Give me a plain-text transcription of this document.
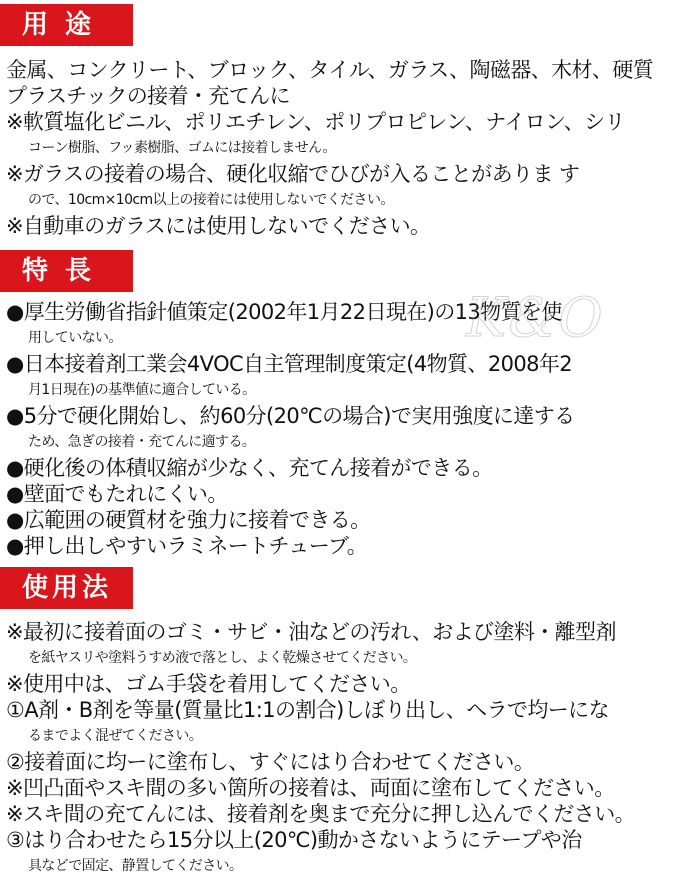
用 途
金属、コンクリート、ブロック、タイル、ガラス、陶磁器、木材、硬質
プラスチックの接着・充てんに
※軟質塩化ビニル、ポリエチレン、ポリプロピレン、ナイロン、シリ
コーン樹脂、フッ素樹脂、ゴムには接着しません。
※ガラスの接着の場合、硬化収縮でひびが入ることがありま す
ので、10cm×10cm以上の接着には使用しないでください。
※自動車のガラスには使用しないでください。
特 長
●厚生労働省指針値策定(2002年1月22日現在)の13物質を使
用していない。
●日本接着剤工業会4VOC自主管理制度策定(4物質、2008年2
月1日現在)の基準値に適合している。
●5分で硬化開始し、約60分(20℃の場合)で実用強度に達する
ため、急ぎの接着・充てんに適する。
●硬化後の体積収縮が少なく、充てん接着ができる。
●壁面でもたれにくい。
●広範囲の硬質材を強力に接着できる。
●押し出しやすいラミネートチューブ。
K&O
使用法
※最初に接着面のゴミ・サビ・油などの汚れ、および塗料・離型剤
を紙ヤスリや塗料うすめ液で落とし、よく乾燥させてください。
※使用中は、ゴム手袋を着用してください。
①A剤・B剤を等量(質量比1:1の割合)しぼり出し、ヘラで均ーにな
るまでよく混ぜてください。
②接着面に均ーに塗布し、すぐにはり合わせてください。
※凹凸面やスキ間の多い箇所の接着は、両面に塗布してください。
※スキ間の充てんには、接着剤を奥まで充分に押し込んでください。
③はり合わせたら15分以上(20℃)動かさないようにテープや治
具などで固定、静置してください。
